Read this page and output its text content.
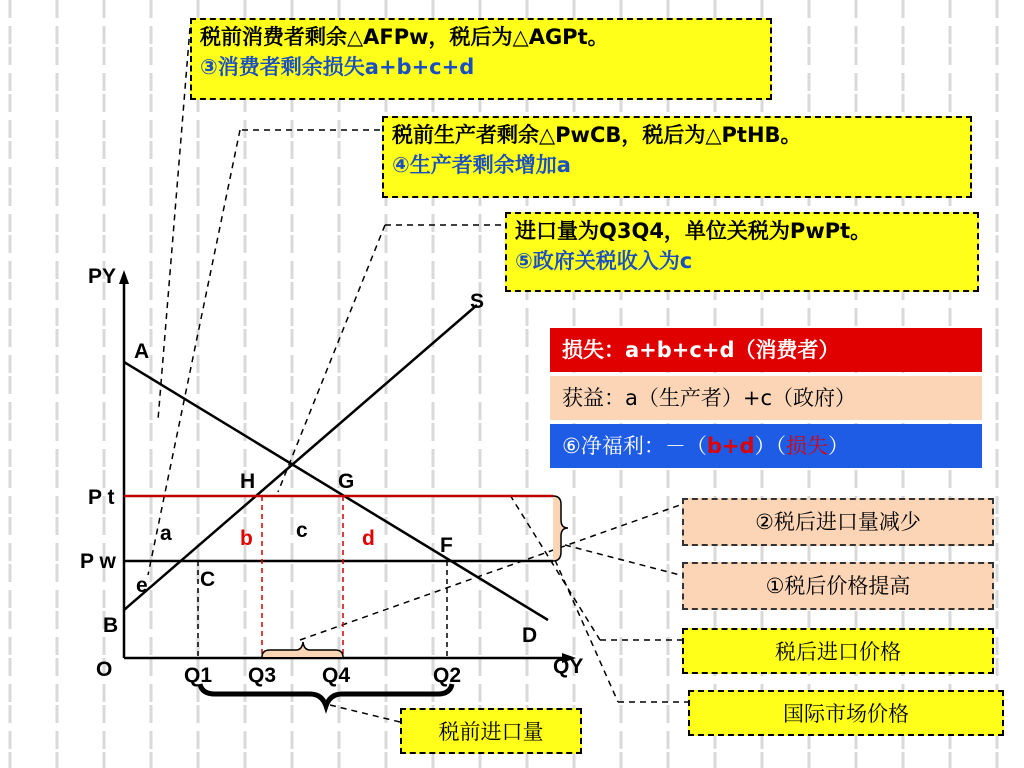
PY
QY
O
A
B
C
D
F
G
H
S
P t
P w
Q1 Q3 Q4	Q2
a	b c	d
e
税前消费者剩余△AFPw，税后为△AGPt。
③消费者剩余损失a+b+c+d
税前生产者剩余△PwCB，税后为△PtHB。
④生产者剩余增加a
进口量为Q3Q4，单位关税为PwPt。
⑤政府关税收入为c
损失：a+b+c+d（消费者）
获益：a（生产者）+c（政府）
⑥净福利：－（b+d）（损失）
②税后进口量减少
①税后价格提高
税后进口价格
国际市场价格
税前进口量
